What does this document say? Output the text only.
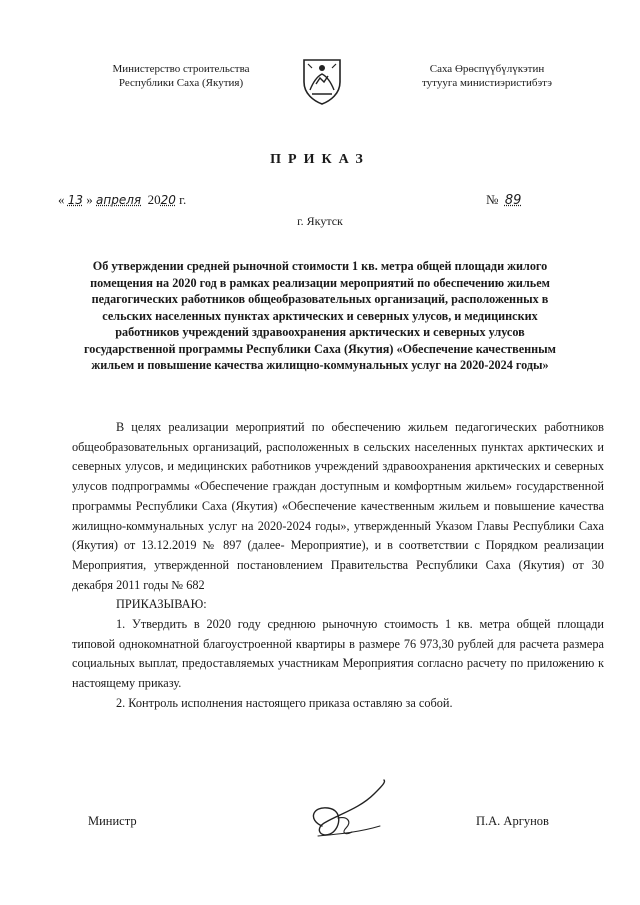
Министерство строительства
Республики Саха (Якутия)
Саха Өрөспүүбүлүкэтин
тутууга министиэристибэтэ
ПРИКАЗ
« 13 » апреля 2020 г.	№ 89
г. Якутск
Об утверждении средней рыночной стоимости 1 кв. метра общей площади жилого помещения на 2020 год в рамках реализации мероприятий по обеспечению жильем педагогических работников общеобразовательных организаций, расположенных в сельских населенных пунктах арктических и северных улусов, и медицинских работников учреждений здравоохранения арктических и северных улусов государственной программы Республики Саха (Якутия) «Обеспечение качественным жильем и повышение качества жилищно-коммунальных услуг на 2020-2024 годы»

В целях реализации мероприятий по обеспечению жильем педагогических работников общеобразовательных организаций, расположенных в сельских населенных пунктах арктических и северных улусов, и медицинских работников учреждений здравоохранения арктических и северных улусов подпрограммы «Обеспечение граждан доступным и комфортным жильем» государственной программы Республики Саха (Якутия) «Обеспечение качественным жильем и повышение качества жилищно-коммунальных услуг на 2020-2024 годы», утвержденный Указом Главы Республики Саха (Якутия) от 13.12.2019 № 897 (далее- Мероприятие), и в соответствии с Порядком реализации Мероприятия, утвержденной постановлением Правительства Республики Саха (Якутия) от 30 декабря 2011 годы № 682

ПРИКАЗЫВАЮ:

1. Утвердить в 2020 году среднюю рыночную стоимость 1 кв. метра общей площади типовой однокомнатной благоустроенной квартиры в размере 76 973,30 рублей для расчета размера социальных выплат, предоставляемых участникам Мероприятия согласно расчету по приложению к настоящему приказу.

2. Контроль исполнения настоящего приказа оставляю за собой.

Министр	П.А. Аргунов
